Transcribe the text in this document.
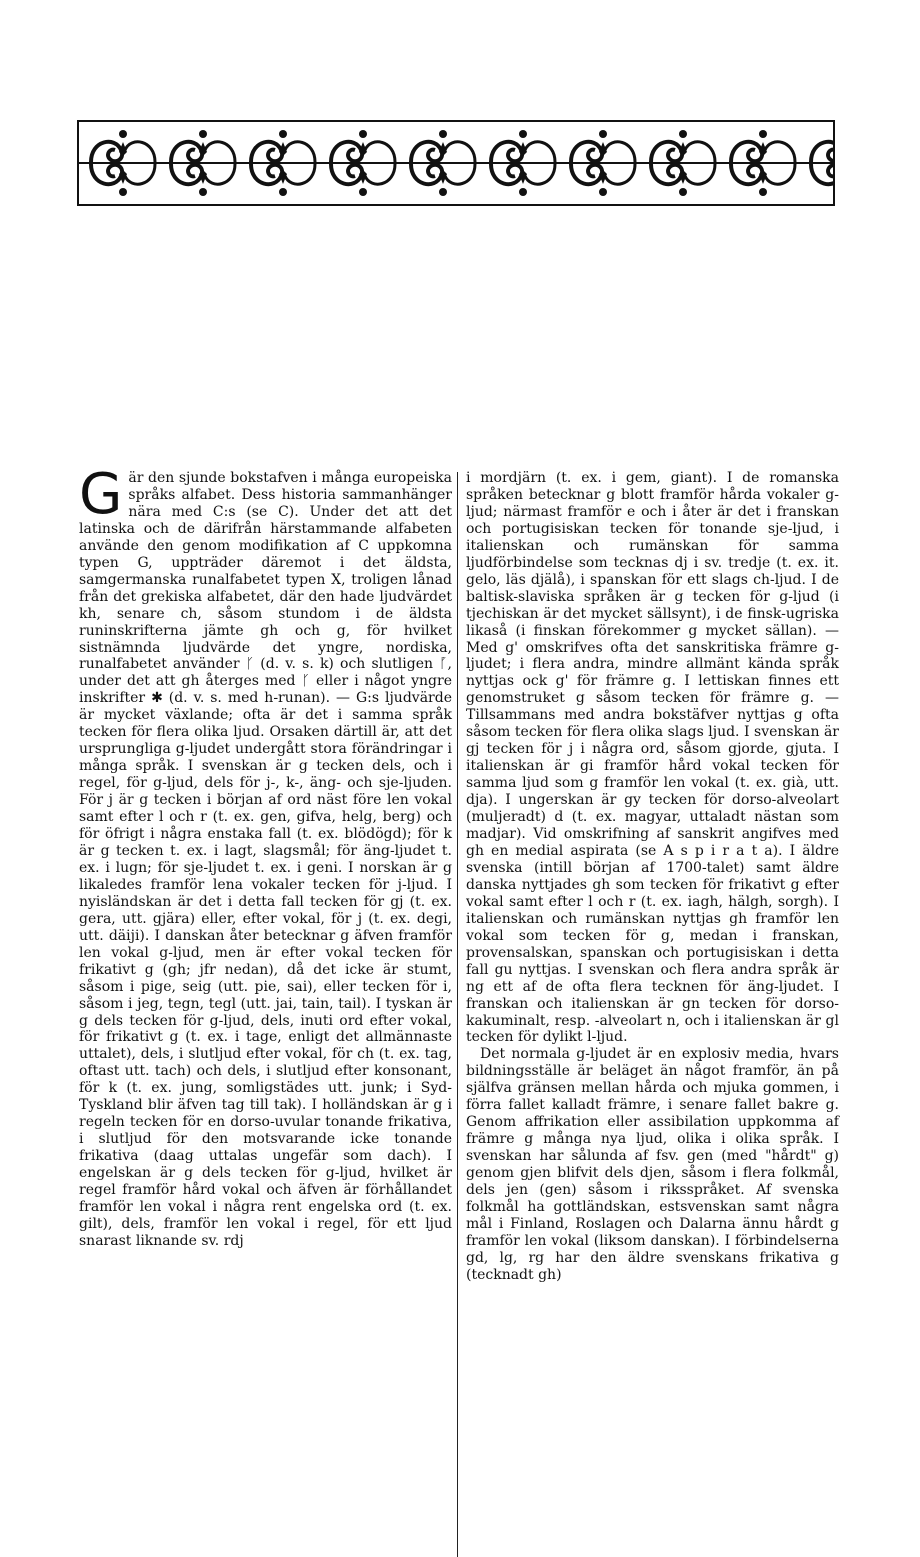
G är den sjunde bokstafven i många europeiska språks alfabet. Dess historia sammanhänger nära med C:s (se C). Under det att det latinska och de därifrån härstammande alfabeten använde den genom modifikation af C uppkomna typen G, uppträder däremot i det äldsta, samgermanska runalfabetet typen X, troligen lånad från det grekiska alfabetet, där den hade ljudvärdet kh, senare ch, såsom stundom i de äldsta runinskrifterna jämte gh och g, för hvilket sistnämnda ljudvärde det yngre, nordiska, runalfabetet använder ᚴ (d. v. s. k) och slutligen ᚵ, under det att gh återges med ᚴ eller i något yngre inskrifter ✱ (d. v. s. med h-runan). — G:s ljudvärde är mycket växlande; ofta är det i samma språk tecken för flera olika ljud. Orsaken därtill är, att det ursprungliga g-ljudet undergått stora förändringar i många språk. I svenskan är g tecken dels, och i regel, för g-ljud, dels för j-, k-, äng- och sje-ljuden. För j är g tecken i början af ord näst före len vokal samt efter l och r (t. ex. gen, gifva, helg, berg) och för öfrigt i några enstaka fall (t. ex. blödögd); för k är g tecken t. ex. i lagt, slagsmål; för äng-ljudet t. ex. i lugn; för sje-ljudet t. ex. i geni. I norskan är g likaledes framför lena vokaler tecken för j-ljud. I nyisländskan är det i detta fall tecken för gj (t. ex. gera, utt. gjära) eller, efter vokal, för j (t. ex. degi, utt. däiji). I danskan åter betecknar g äfven framför len vokal g-ljud, men är efter vokal tecken för frikativt g (gh; jfr nedan), då det icke är stumt, såsom i pige, seig (utt. pie, sai), eller tecken för i, såsom i jeg, tegn, tegl (utt. jai, tain, tail). I tyskan är g dels tecken för g-ljud, dels, inuti ord efter vokal, för frikativt g (t. ex. i tage, enligt det allmännaste uttalet), dels, i slutljud efter vokal, för ch (t. ex. tag, oftast utt. tach) och dels, i slutljud efter konsonant, för k (t. ex. jung, somligstädes utt. junk; i Syd-Tyskland blir äfven tag till tak). I holländskan är g i regeln tecken för en dorso-uvular tonande frikativa, i slutljud för den motsvarande icke tonande frikativa (daag uttalas ungefär som dach). I engelskan är g dels tecken för g-ljud, hvilket är regel framför hård vokal och äfven är förhållandet framför len vokal i några rent engelska ord (t. ex. gilt), dels, framför len vokal i regel, för ett ljud snarast liknande sv. rdj

i mordjärn (t. ex. i gem, giant). I de romanska språken betecknar g blott framför hårda vokaler g-ljud; närmast framför e och i åter är det i franskan och portugisiskan tecken för tonande sje-ljud, i italienskan och rumänskan för samma ljudförbindelse som tecknas dj i sv. tredje (t. ex. it. gelo, läs djälå), i spanskan för ett slags ch-ljud. I de baltisk-slaviska språken är g tecken för g-ljud (i tjechiskan är det mycket sällsynt), i de finsk-ugriska likaså (i finskan förekommer g mycket sällan). — Med g' omskrifves ofta det sanskritiska främre g-ljudet; i flera andra, mindre allmänt kända språk nyttjas ock g' för främre g. I lettiskan finnes ett genomstruket g såsom tecken för främre g. — Tillsammans med andra bokstäfver nyttjas g ofta såsom tecken för flera olika slags ljud. I svenskan är gj tecken för j i några ord, såsom gjorde, gjuta. I italienskan är gi framför hård vokal tecken för samma ljud som g framför len vokal (t. ex. già, utt. dja). I ungerskan är gy tecken för dorso-alveolart (muljeradt) d (t. ex. magyar, uttaladt nästan som madjar). Vid omskrifning af sanskrit angifves med gh en medial aspirata (se A s p i r a t a). I äldre svenska (intill början af 1700-talet) samt äldre danska nyttjades gh som tecken för frikativt g efter vokal samt efter l och r (t. ex. iagh, hälgh, sorgh). I italienskan och rumänskan nyttjas gh framför len vokal som tecken för g, medan i franskan, provensalskan, spanskan och portugisiskan i detta fall gu nyttjas. I svenskan och flera andra språk är ng ett af de ofta flera tecknen för äng-ljudet. I franskan och italienskan är gn tecken för dorso-kakuminalt, resp. -alveolart n, och i italienskan är gl tecken för dylikt l-ljud.

Det normala g-ljudet är en explosiv media, hvars bildningsställe är beläget än något framför, än på själfva gränsen mellan hårda och mjuka gommen, i förra fallet kalladt främre, i senare fallet bakre g. Genom affrikation eller assibilation uppkomma af främre g många nya ljud, olika i olika språk. I svenskan har sålunda af fsv. gen (med "hårdt" g) genom gjen blifvit dels djen, såsom i flera folkmål, dels jen (gen) såsom i riksspråket. Af svenska folkmål ha gottländskan, estsvenskan samt några mål i Finland, Roslagen och Dalarna ännu hårdt g framför len vokal (liksom danskan). I förbindelserna gd, lg, rg har den äldre svenskans frikativa g (tecknadt gh)
